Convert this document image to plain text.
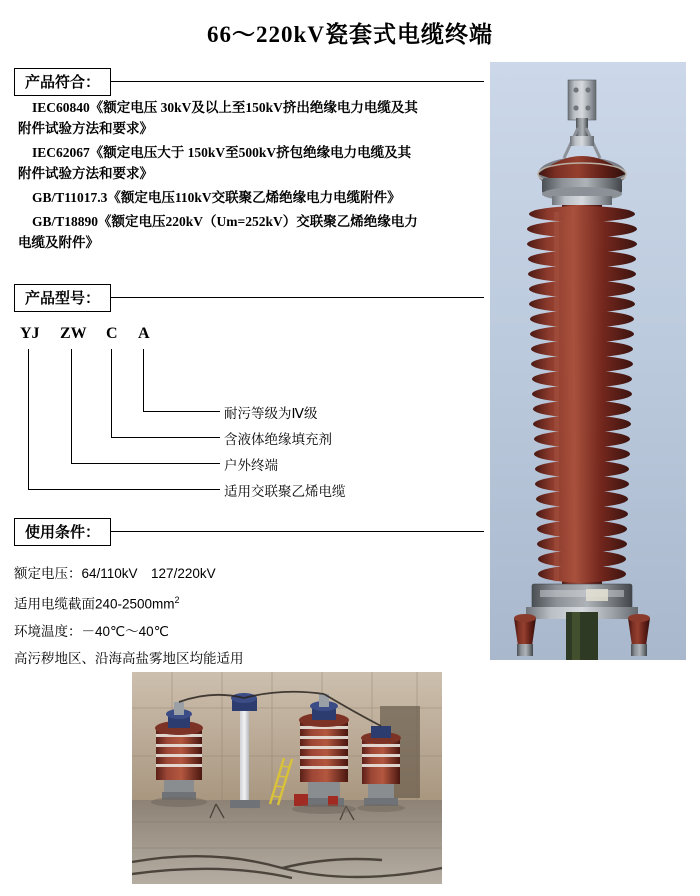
66～220kV瓷套式电缆终端
产品符合：
IEC60840《额定电压 30kV及以上至150kV挤出绝缘电力电缆及其
附件试验方法和要求》
IEC62067《额定电压大于 150kV至500kV挤包绝缘电力电缆及其
附件试验方法和要求》
GB/T11017.3《额定电压110kV交联聚乙烯绝缘电力电缆附件》
GB/T18890《额定电压220kV（Um=252kV）交联聚乙烯绝缘电力
电缆及附件》
产品型号：
YJ ZW C A
耐污等级为Ⅳ级
含液体绝缘填充剂
户外终端
适用交联聚乙烯电缆
使用条件：
额定电压：64/110kV　127/220kV
适用电缆截面$240-2500mm^2$
环境温度：－40℃～40℃
高污秽地区、沿海高盐雾地区均能适用
